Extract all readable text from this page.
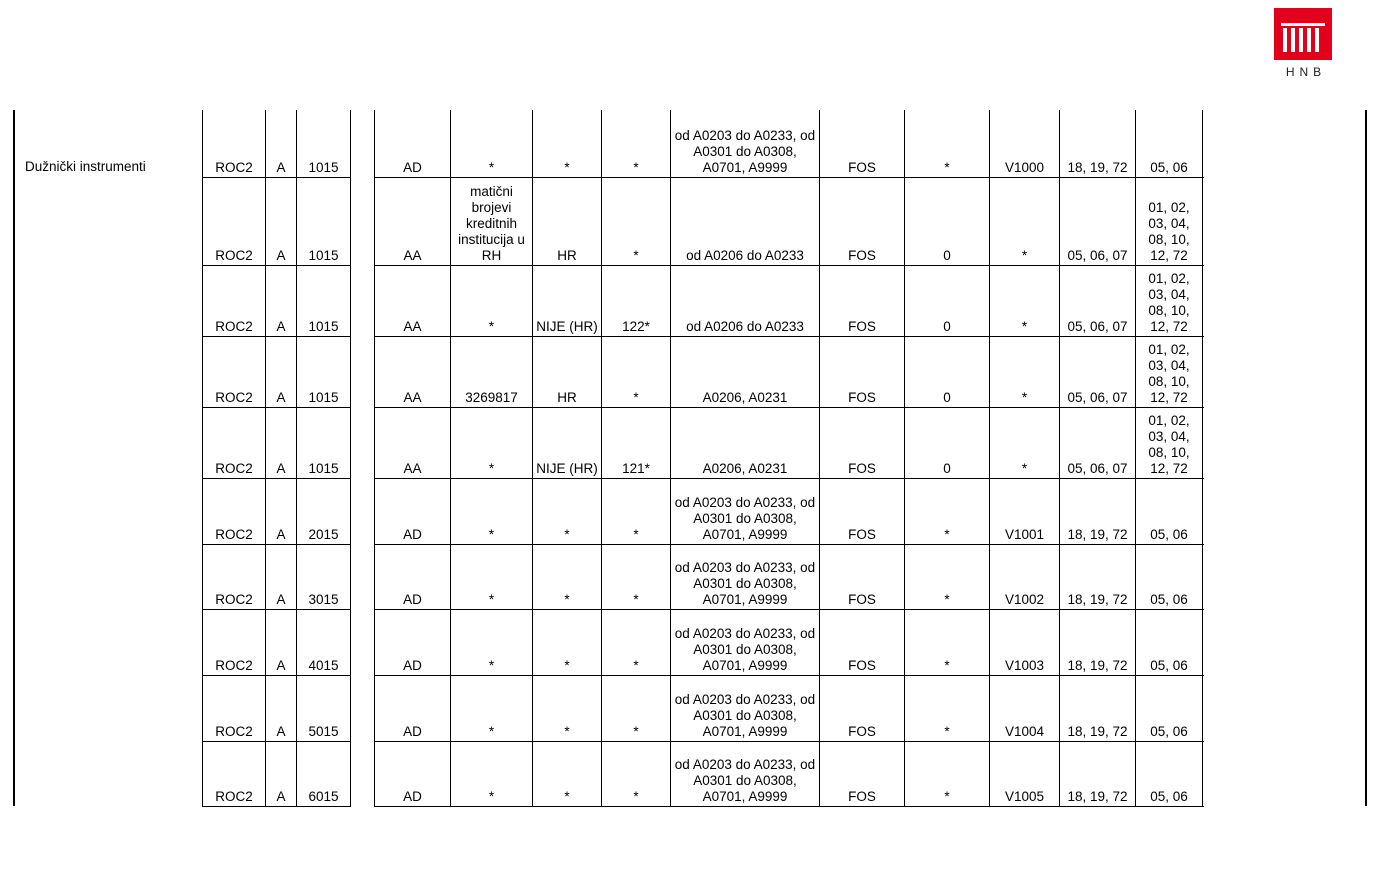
HNB
Dužnički instrumenti	ROC2	A	1015		AD	*	*	*	od A0203 do A0233, od A0301 do A0308, A0701, A9999	FOS	*	V1000	18, 19, 72	05, 06	
ROC2	A	1015		AA	matični brojevi kreditnih institucija u RH	HR	*	od A0206 do A0233	FOS	0	*	05, 06, 07	01, 02, 03, 04, 08, 10, 12, 72	
ROC2	A	1015		AA	*	NIJE (HR)	122*	od A0206 do A0233	FOS	0	*	05, 06, 07	01, 02, 03, 04, 08, 10, 12, 72	
ROC2	A	1015		AA	3269817	HR	*	A0206, A0231	FOS	0	*	05, 06, 07	01, 02, 03, 04, 08, 10, 12, 72	
ROC2	A	1015		AA	*	NIJE (HR)	121*	A0206, A0231	FOS	0	*	05, 06, 07	01, 02, 03, 04, 08, 10, 12, 72	
ROC2	A	2015		AD	*	*	*	od A0203 do A0233, od A0301 do A0308, A0701, A9999	FOS	*	V1001	18, 19, 72	05, 06	
ROC2	A	3015		AD	*	*	*	od A0203 do A0233, od A0301 do A0308, A0701, A9999	FOS	*	V1002	18, 19, 72	05, 06	
ROC2	A	4015		AD	*	*	*	od A0203 do A0233, od A0301 do A0308, A0701, A9999	FOS	*	V1003	18, 19, 72	05, 06	
ROC2	A	5015		AD	*	*	*	od A0203 do A0233, od A0301 do A0308, A0701, A9999	FOS	*	V1004	18, 19, 72	05, 06	
ROC2	A	6015		AD	*	*	*	od A0203 do A0233, od A0301 do A0308, A0701, A9999	FOS	*	V1005	18, 19, 72	05, 06	
